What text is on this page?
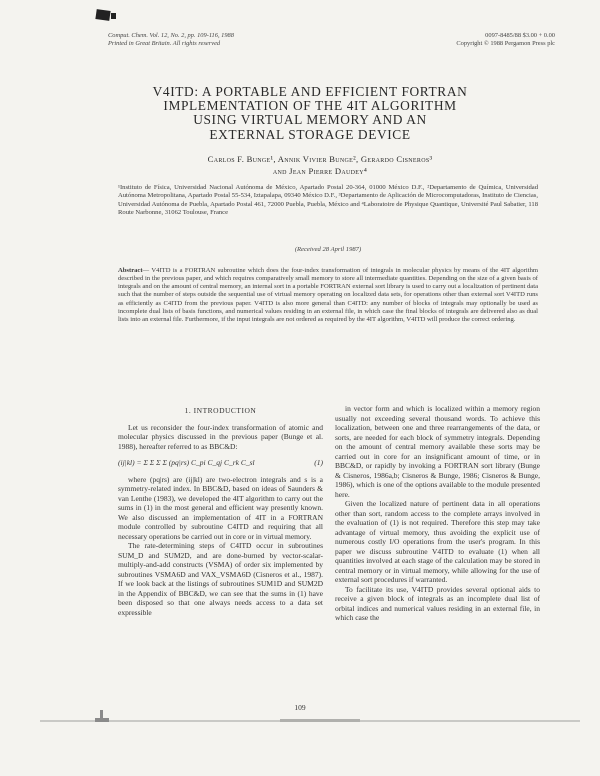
Comput. Chem. Vol. 12, No. 2, pp. 109-116, 1988
Printed in Great Britain. All rights reserved
0097-8485/88 $3.00 + 0.00
Copyright © 1988 Pergamon Press plc
V4ITD: A PORTABLE AND EFFICIENT FORTRAN
IMPLEMENTATION OF THE 4IT ALGORITHM
USING VIRTUAL MEMORY AND AN
EXTERNAL STORAGE DEVICE
Carlos F. Bunge¹, Annik Vivier Bunge², Gerardo Cisneros³
and Jean Pierre Daudey⁴
¹Instituto de Física, Universidad Nacional Autónoma de México, Apartado Postal 20-364, 01000 México D.F., ²Departamento de Química, Universidad Autónoma Metropolitana, Apartado Postal 55-534, Iztapalapa, 09340 México D.F., ³Departamento de Aplicación de Microcomputadoras, Instituto de Ciencias, Universidad Autónoma de Puebla, Apartado Postal 461, 72000 Puebla, Puebla, México and ⁴Laboratoire de Physique Quantique, Université Paul Sabatier, 118 Route Narbonne, 31062 Toulouse, France
(Received 28 April 1987)
Abstract— V4ITD is a FORTRAN subroutine which does the four-index transformation of integrals in molecular physics by means of the 4IT algorithm described in the previous paper, and which requires comparatively small memory to store all intermediate quantities. Depending on the size of a given basis of integrals and on the amount of central memory, an internal sort in a portable FORTRAN external sort library is used to carry out a localization of pertinent data such that the number of steps outside the sequential use of virtual memory operating on localized data sets, for operations other than external sort V4ITD runs as efficiently as C4ITD from the previous paper. V4ITD is also more general than C4ITD: any number of blocks of integrals may optionally be used as incomplete dual lists of basis functions, and numerical values residing in an external file, in which case the final blocks of integrals are delivered also as dual lists into an external file. Furthermore, if the input integrals are not ordered as required by the 4IT algorithm, V4ITD will produce the correct ordering.
1. INTRODUCTION

Let us reconsider the four-index transformation of atomic and molecular physics discussed in the previous paper (Bunge et al. 1988), hereafter referred to as BBC&D:

(ij|kl) = Σ Σ Σ Σ (pq|rs) C_pi C_qj C_rk C_sl	(1)

where (pq|rs) are (ij|kl) are two-electron integrals and s is a symmetry-related index. In BBC&D, based on ideas of Saunders & van Lenthe (1983), we developed the 4IT algorithm to carry out the sums in (1) in the most general and efficient way presently known. We also discussed an implementation of 4IT in a FORTRAN module controlled by subroutine C4ITD and requiring that all necessary operations be carried out in core or in virtual memory.

The rate-determining steps of C4ITD occur in subroutines SUM_D and SUM2D, and are done-burned by vector-scalar-multiply-and-add constructs (VSMA) of order six implemented by subroutines VSMA6D and VAX_VSMA6D (Cisneros et al., 1987). If we look back at the listings of subroutines SUM1D and SUM2D in the Appendix of BBC&D, we can see that the sums in (1) have been disposed so that one always needs access to a data set expressible

in vector form and which is localized within a memory region usually not exceeding several thousand words. To achieve this localization, between one and three rearrangements of the data, or sorts, are needed for each block of symmetry integrals. Depending on the amount of central memory available these sorts may be carried out in core for an insignificant amount of time, or in BBC&D, or rapidly by invoking a FORTRAN sort library (Bunge & Cisneros, 1986a,b; Cisneros & Bunge, 1986; Cisneros & Bunge, 1986), which is one of the options available to the module presented here.

Given the localized nature of pertinent data in all operations other than sort, random access to the complete arrays involved in the evaluation of (1) is not required. Therefore this step may take advantage of virtual memory, thus avoiding the explicit use of numerous costly I/O operations from the user's program. In this paper we discuss subroutine V4ITD to evaluate (1) when all quantities involved at each stage of the calculation may be stored in central memory or in virtual memory, while allowing for the use of external sort procedures if warranted.

To facilitate its use, V4ITD provides several optional aids to receive a given block of integrals as an incomplete dual list of orbital indices and numerical values residing in an external file, in which case the

109
